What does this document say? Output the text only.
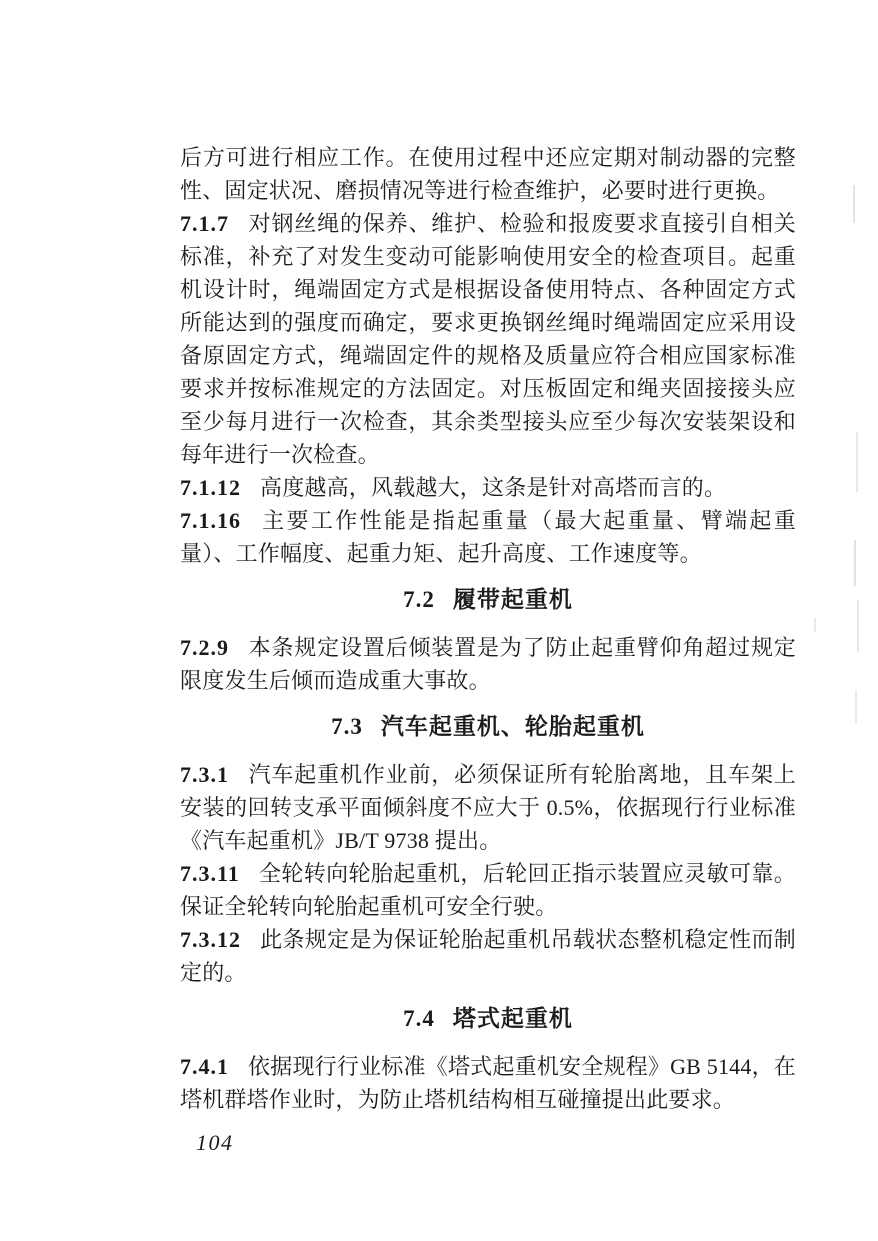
后方可进行相应工作。在使用过程中还应定期对制动器的完整性、固定状况、磨损情况等进行检查维护，必要时进行更换。

7.1.7 对钢丝绳的保养、维护、检验和报废要求直接引自相关标准，补充了对发生变动可能影响使用安全的检查项目。起重机设计时，绳端固定方式是根据设备使用特点、各种固定方式所能达到的强度而确定，要求更换钢丝绳时绳端固定应采用设备原固定方式，绳端固定件的规格及质量应符合相应国家标准要求并按标准规定的方法固定。对压板固定和绳夹固接接头应至少每月进行一次检查，其余类型接头应至少每次安装架设和每年进行一次检查。

7.1.12 高度越高，风载越大，这条是针对高塔而言的。

7.1.16 主要工作性能是指起重量（最大起重量、臂端起重量）、工作幅度、起重力矩、起升高度、工作速度等。

7.2 履带起重机

7.2.9 本条规定设置后倾装置是为了防止起重臂仰角超过规定限度发生后倾而造成重大事故。

7.3 汽车起重机、轮胎起重机

7.3.1 汽车起重机作业前，必须保证所有轮胎离地，且车架上安装的回转支承平面倾斜度不应大于 0.5%，依据现行行业标准《汽车起重机》JB/T 9738 提出。

7.3.11 全轮转向轮胎起重机，后轮回正指示装置应灵敏可靠。保证全轮转向轮胎起重机可安全行驶。

7.3.12 此条规定是为保证轮胎起重机吊载状态整机稳定性而制定的。

7.4 塔式起重机

7.4.1 依据现行行业标准《塔式起重机安全规程》GB 5144，在塔机群塔作业时，为防止塔机结构相互碰撞提出此要求。

104
